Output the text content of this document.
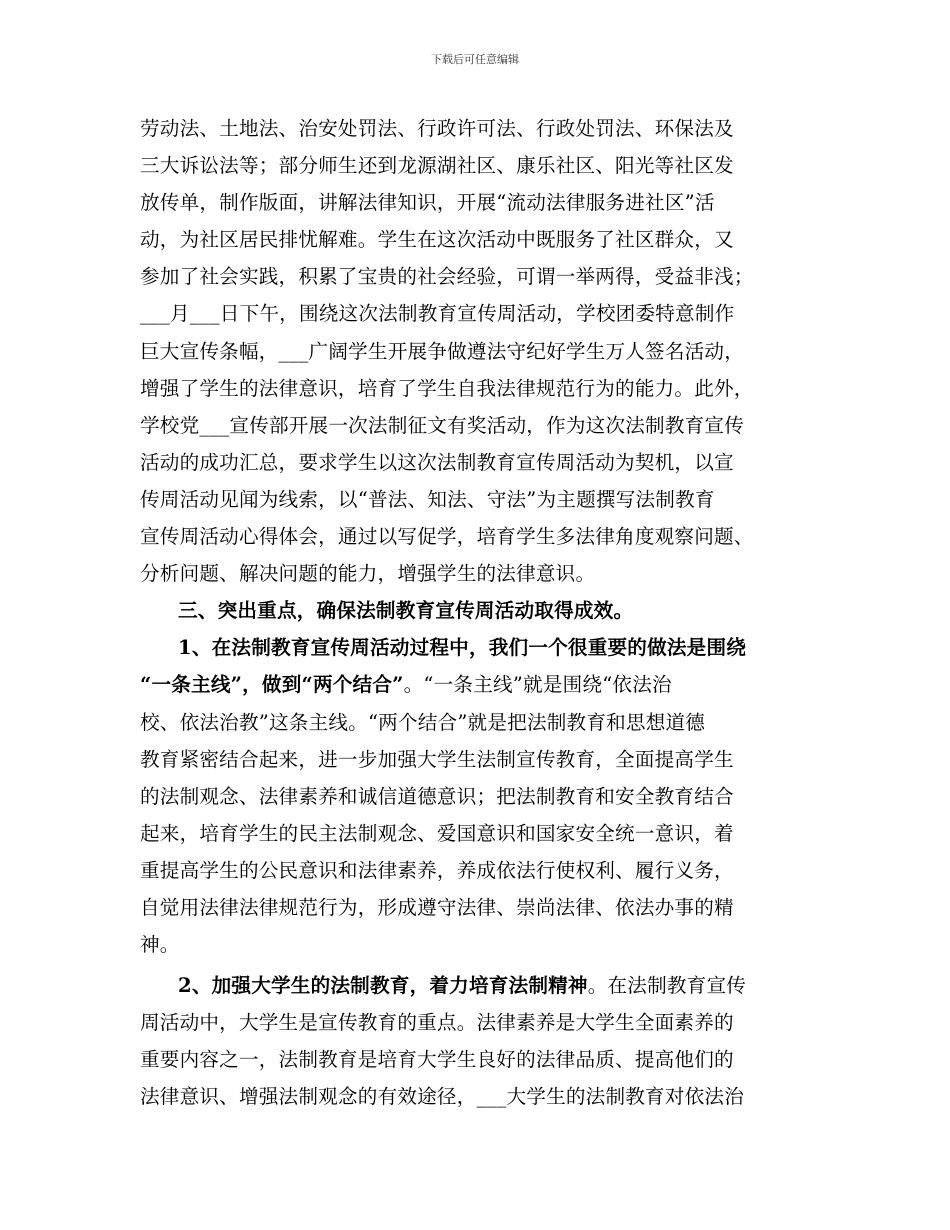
下载后可任意编辑
劳动法、土地法、治安处罚法、行政许可法、行政处罚法、环保法及
三大诉讼法等；部分师生还到龙源湖社区、康乐社区、阳光等社区发
放传单，制作版面，讲解法律知识，开展“流动法律服务进社区”活
动，为社区居民排忧解难。学生在这次活动中既服务了社区群众，又
参加了社会实践，积累了宝贵的社会经验，可谓一举两得，受益非浅；
___月___日下午，围绕这次法制教育宣传周活动，学校团委特意制作
巨大宣传条幅，___广阔学生开展争做遵法守纪好学生万人签名活动，
增强了学生的法律意识，培育了学生自我法律规范行为的能力。此外，
学校党___宣传部开展一次法制征文有奖活动，作为这次法制教育宣传
活动的成功汇总，要求学生以这次法制教育宣传周活动为契机，以宣
传周活动见闻为线索，以“普法、知法、守法”为主题撰写法制教育
宣传周活动心得体会，通过以写促学，培育学生多法律角度观察问题、
分析问题、解决问题的能力，增强学生的法律意识。
三、突出重点，确保法制教育宣传周活动取得成效。
1、在法制教育宣传周活动过程中，我们一个很重要的做法是围绕
“一条主线”，做到“两个结合”。“一条主线”就是围绕“依法治
校、依法治教”这条主线。“两个结合”就是把法制教育和思想道德
教育紧密结合起来，进一步加强大学生法制宣传教育，全面提高学生
的法制观念、法律素养和诚信道德意识；把法制教育和安全教育结合
起来，培育学生的民主法制观念、爱国意识和国家安全统一意识，着
重提高学生的公民意识和法律素养，养成依法行使权利、履行义务，
自觉用法律法律规范行为，形成遵守法律、崇尚法律、依法办事的精
神。
2、加强大学生的法制教育，着力培育法制精神。在法制教育宣传
周活动中，大学生是宣传教育的重点。法律素养是大学生全面素养的
重要内容之一，法制教育是培育大学生良好的法律品质、提高他们的
法律意识、增强法制观念的有效途径，___大学生的法制教育对依法治
